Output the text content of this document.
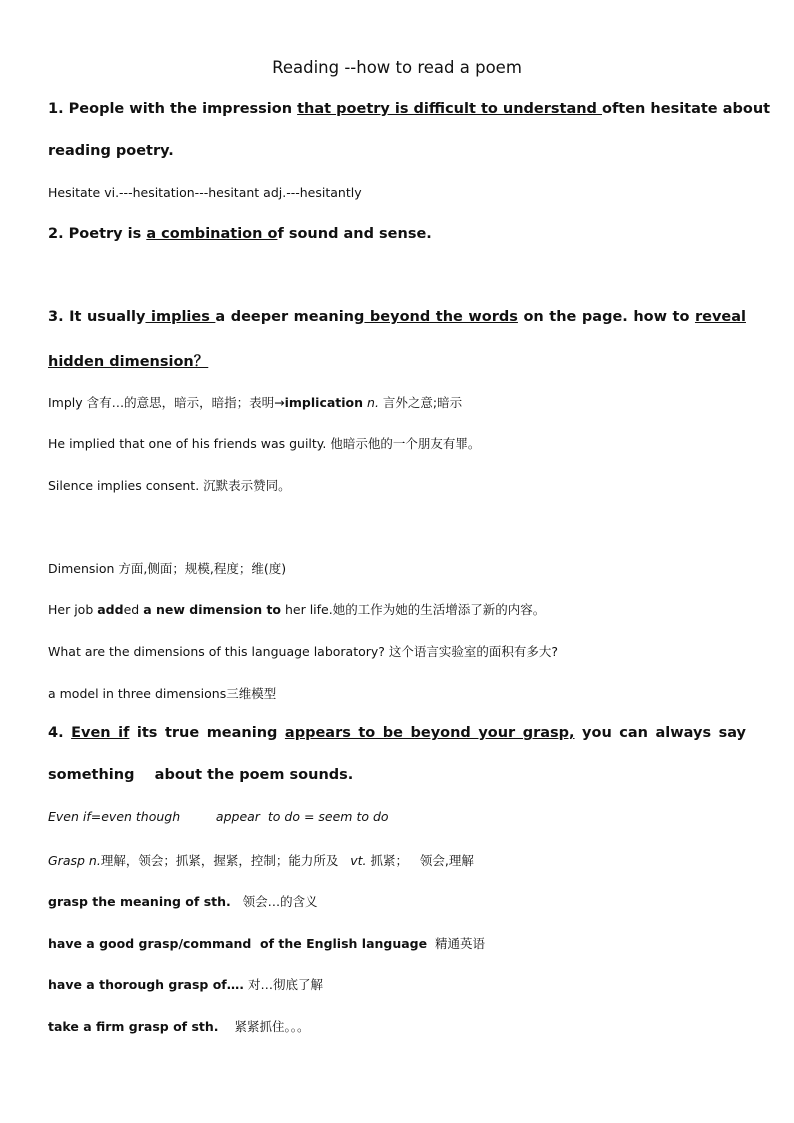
Reading --how to read a poem
1. People with the impression that poetry is difficult to understand often hesitate about
reading poetry.
Hesitate vi.---hesitation---hesitant adj.---hesitantly
2. Poetry is a combination of sound and sense.
3. It usually implies a deeper meaning beyond the words on the page. how to reveal
hidden dimension？
Imply 含有…的意思，暗示，暗指；表明→implication n. 言外之意;暗示
He implied that one of his friends was guilty. 他暗示他的一个朋友有罪。
Silence implies consent. 沉默表示赞同。
Dimension 方面,侧面；规模,程度；维(度)
Her job added a new dimension to her life.她的工作为她的生活增添了新的内容。
What are the dimensions of this language laboratory? 这个语言实验室的面积有多大?
a model in three dimensions三维模型
4. Even if its true meaning appears to be beyond your grasp, you can always say
something    about the poem sounds.
Even if=even though         appear  to do = seem to do
Grasp n.理解，领会；抓紧，握紧，控制；能力所及   vt. 抓紧；   领会,理解
grasp the meaning of sth.   领会…的含义
have a good grasp/command  of the English language  精通英语
have a thorough grasp of…. 对…彻底了解
take a firm grasp of sth.    紧紧抓住。。。
